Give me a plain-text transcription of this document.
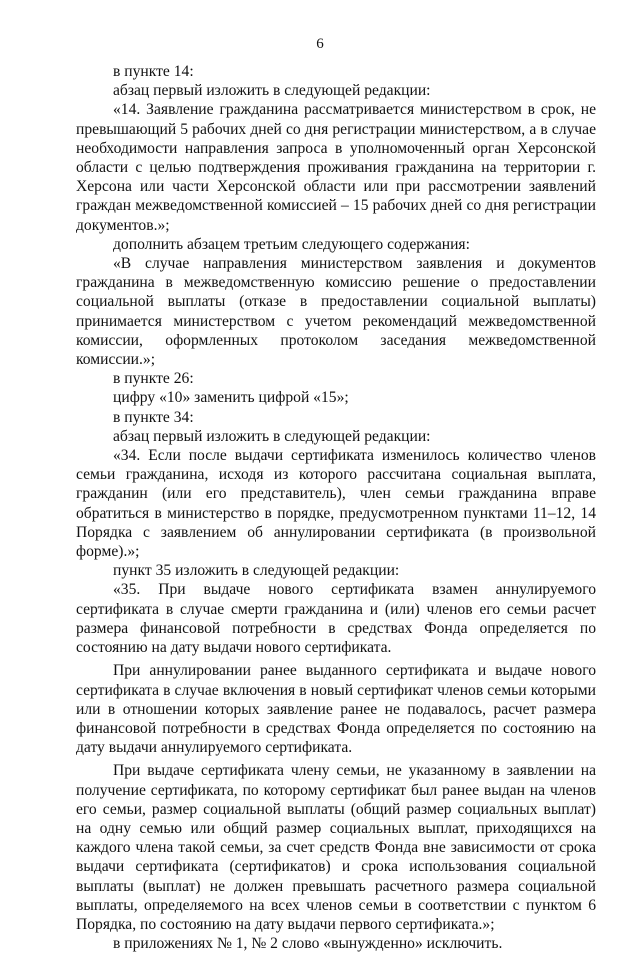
6

в пункте 14:

абзац первый изложить в следующей редакции:

«14. Заявление гражданина рассматривается министерством в срок, не превышающий 5 рабочих дней со дня регистрации министерством, а в случае необходимости направления запроса в уполномоченный орган Херсонской области с целью подтверждения проживания гражданина на территории г. Херсона или части Херсонской области или при рассмотрении заявлений граждан межведомственной комиссией – 15 рабочих дней со дня регистрации документов.»;

дополнить абзацем третьим следующего содержания:

«В случае направления министерством заявления и документов гражданина в межведомственную комиссию решение о предоставлении социальной выплаты (отказе в предоставлении социальной выплаты) принимается министерством с учетом рекомендаций межведомственной комиссии, оформленных протоколом заседания межведомственной комиссии.»;

в пункте 26:

цифру «10» заменить цифрой «15»;

в пункте 34:

абзац первый изложить в следующей редакции:

«34. Если после выдачи сертификата изменилось количество членов семьи гражданина, исходя из которого рассчитана социальная выплата, гражданин (или его представитель), член семьи гражданина вправе обратиться в министерство в порядке, предусмотренном пунктами 11–12, 14 Порядка с заявлением об аннулировании сертификата (в произвольной форме).»;

пункт 35 изложить в следующей редакции:

«35. При выдаче нового сертификата взамен аннулируемого сертификата в случае смерти гражданина и (или) членов его семьи расчет размера финансовой потребности в средствах Фонда определяется по состоянию на дату выдачи нового сертификата.

При аннулировании ранее выданного сертификата и выдаче нового сертификата в случае включения в новый сертификат членов семьи которыми или в отношении которых заявление ранее не подавалось, расчет размера финансовой потребности в средствах Фонда определяется по состоянию на дату выдачи аннулируемого сертификата.

При выдаче сертификата члену семьи, не указанному в заявлении на получение сертификата, по которому сертификат был ранее выдан на членов его семьи, размер социальной выплаты (общий размер социальных выплат) на одну семью или общий размер социальных выплат, приходящихся на каждого члена такой семьи, за счет средств Фонда вне зависимости от срока выдачи сертификата (сертификатов) и срока использования социальной выплаты (выплат) не должен превышать расчетного размера социальной выплаты, определяемого на всех членов семьи в соответствии с пунктом 6 Порядка, по состоянию на дату выдачи первого сертификата.»;

в приложениях № 1, № 2 слово «вынужденно» исключить.
